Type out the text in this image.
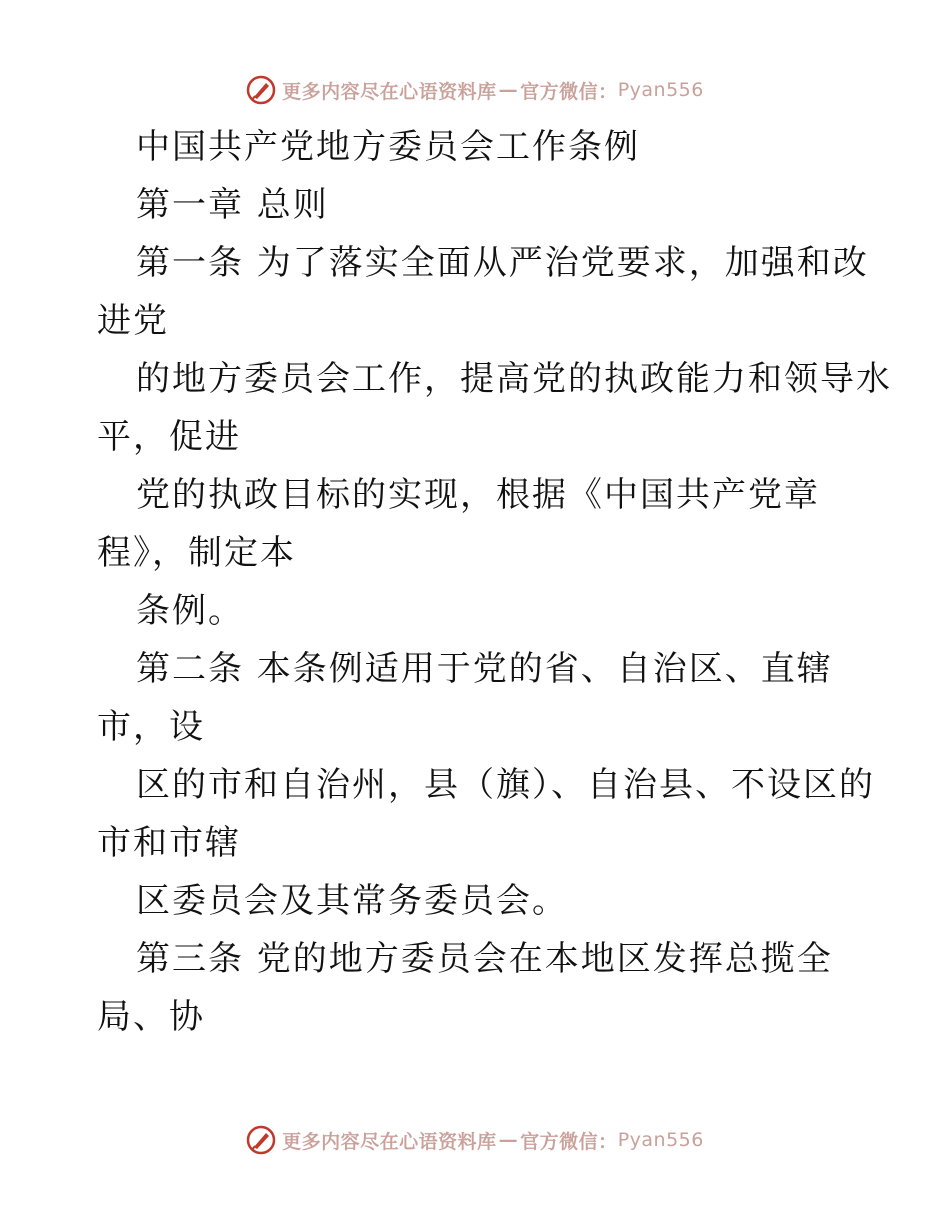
更多内容尽在心语资料库 — 官方微信： Pyan556
中国共产党地方委员会工作条例
第一章 总则
第一条 为了落实全面从严治党要求，加强和改
进党
的地方委员会工作，提高党的执政能力和领导水
平，促进
党的执政目标的实现，根据《中国共产党章
程》，制定本
条例。
第二条 本条例适用于党的省、自治区、直辖
市，设
区的市和自治州，县（旗）、自治县、不设区的
市和市辖
区委员会及其常务委员会。
第三条 党的地方委员会在本地区发挥总揽全
局、协
更多内容尽在心语资料库 — 官方微信： Pyan556
